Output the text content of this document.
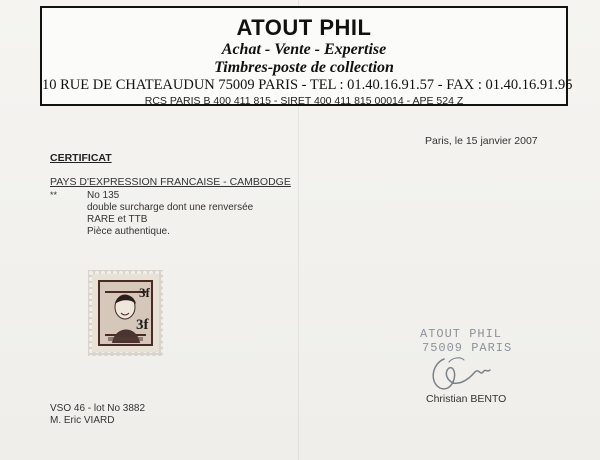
ATOUT PHIL
Achat - Vente - Expertise
Timbres-poste de collection
10 RUE DE CHATEAUDUN 75009 PARIS - TEL : 01.40.16.91.57 - FAX : 01.40.16.91.95
RCS PARIS B 400 411 815 - SIRET 400 411 815 00014 - APE 524 Z
Paris, le 15 janvier 2007
CERTIFICAT
PAYS D'EXPRESSION FRANCAISE - CAMBODGE
**	No 135
double surcharge dont une renversée
RARE et TTB
Pièce authentique.
3f
3f
ATOUT PHIL
75009 PARIS
Christian BENTO
VSO 46 - lot No 3882
M. Eric VIARD
